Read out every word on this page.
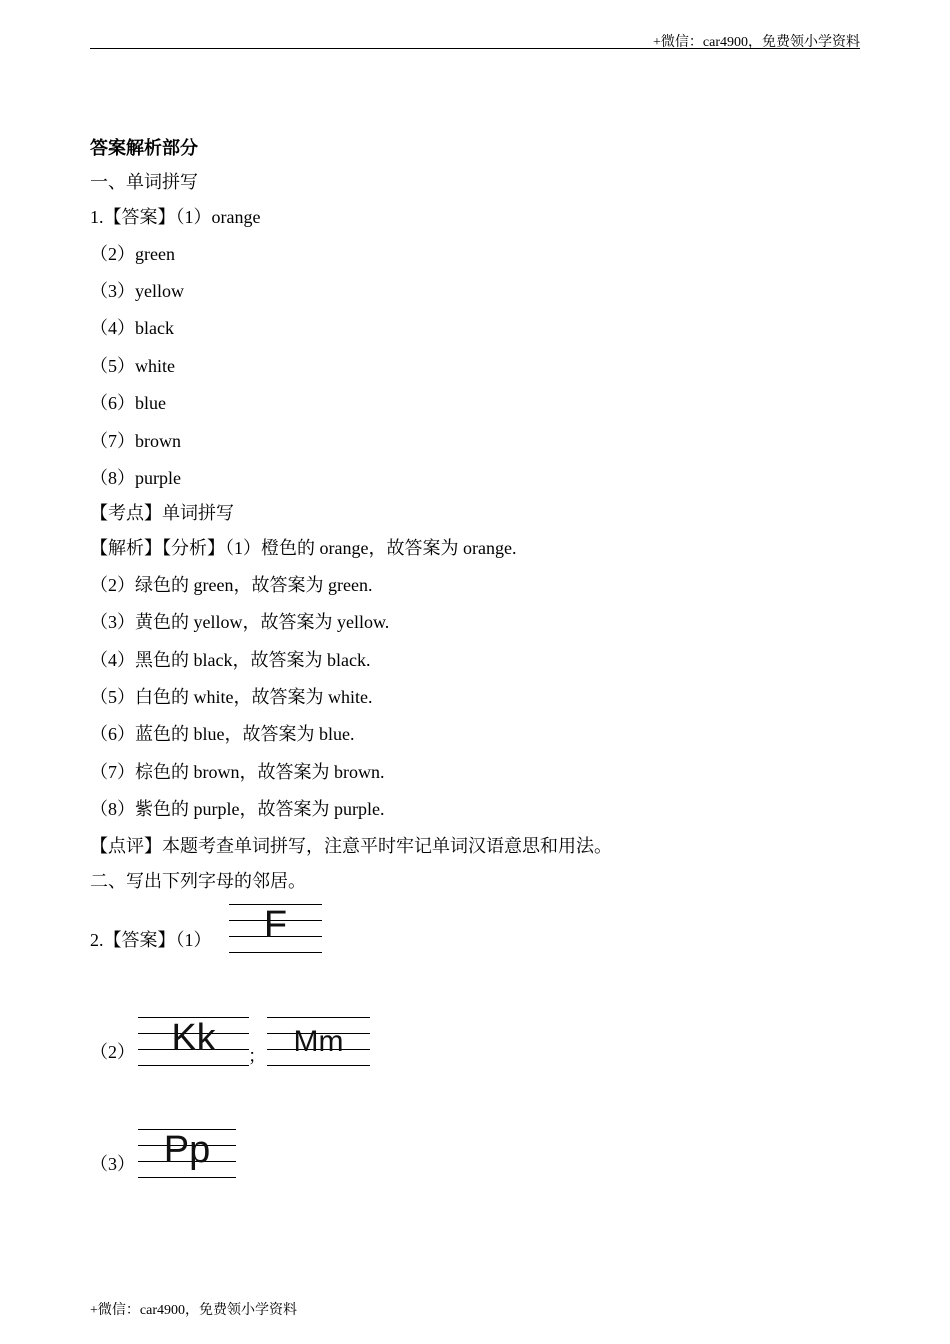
+微信：car4900，免费领小学资料
答案解析部分
一、单词拼写
1.【答案】（1）orange
（2）green
（3）yellow
（4）black
（5）white
（6）blue
（7）brown
（8）purple
【考点】单词拼写
【解析】【分析】（1）橙色的 orange，故答案为 orange.
（2）绿色的 green，故答案为 green.
（3）黄色的 yellow，故答案为 yellow.
（4）黑色的 black，故答案为 black.
（5）白色的 white，故答案为 white.
（6）蓝色的 blue，故答案为 blue.
（7）棕色的 brown，故答案为 brown.
（8）紫色的 purple，故答案为 purple.
【点评】本题考查单词拼写，注意平时牢记单词汉语意思和用法。
二、写出下列字母的邻居。
2.【答案】（1）	F
（2） Kk	； Mm
（3） Pp
+微信：car4900，免费领小学资料
